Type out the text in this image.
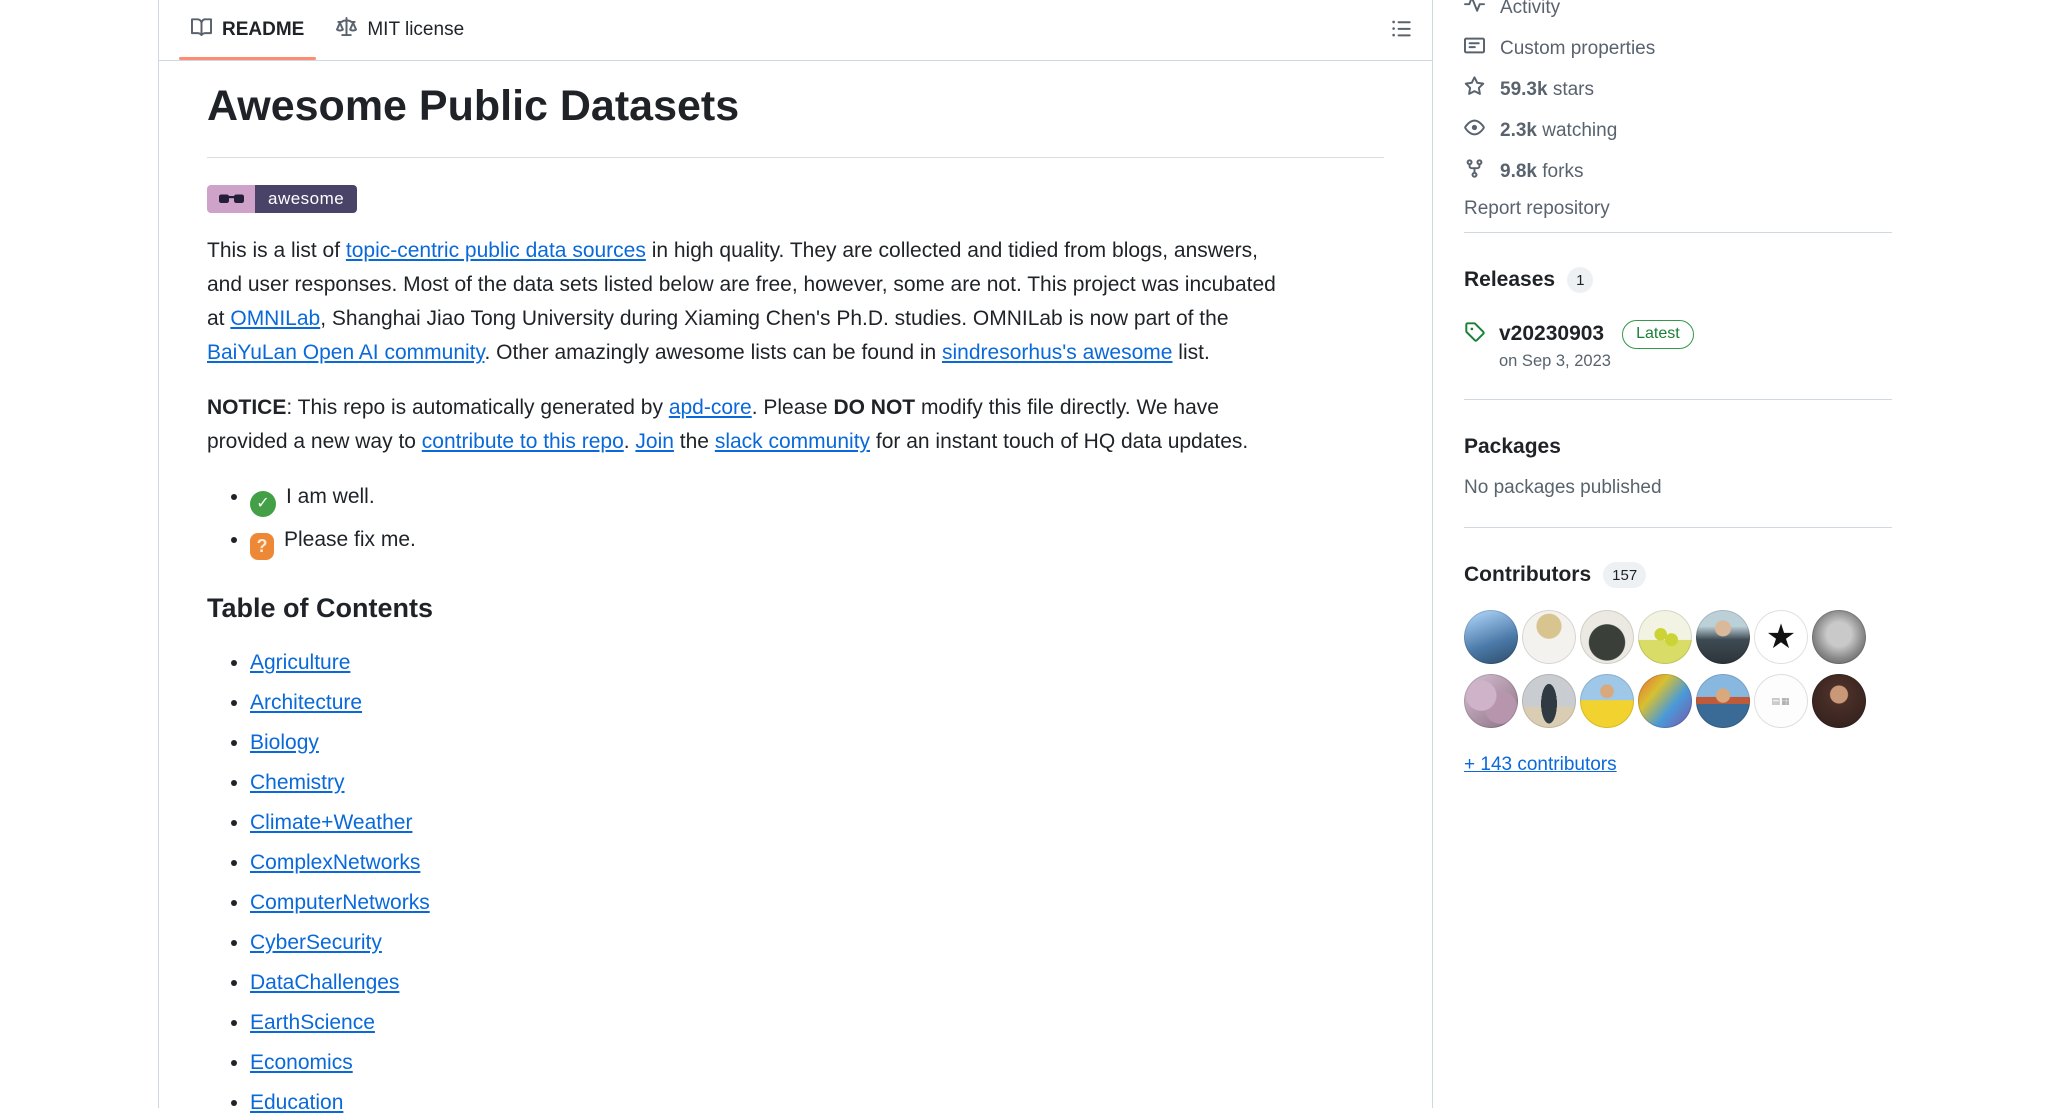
README	MIT license
Awesome Public Datasets

awesome

This is a list of topic-centric public data sources in high quality. They are collected and tidied from blogs, answers,
and user responses. Most of the data sets listed below are free, however, some are not. This project was incubated
at OMNILab, Shanghai Jiao Tong University during Xiaming Chen's Ph.D. studies. OMNILab is now part of the
BaiYuLan Open AI community. Other amazingly awesome lists can be found in sindresorhus's awesome list.

NOTICE: This repo is automatically generated by apd-core. Please DO NOT modify this file directly. We have
provided a new way to contribute to this repo. Join the slack community for an instant touch of HQ data updates.

✓• I am well.
?• Please fix me.
Table of Contents
• Agriculture
• Architecture
• Biology
• Chemistry
• Climate+Weather
• ComplexNetworks
• ComputerNetworks
• CyberSecurity
• DataChallenges
• EarthScience
• Economics
• Education
Activity
Custom properties
59.3k stars
2.3k watching
9.8k forks
Report repository
Releases	1
v20230903	Latest
on Sep 3, 2023
Packages
No packages published
Contributors	157
★
▤▦
+ 143 contributors
